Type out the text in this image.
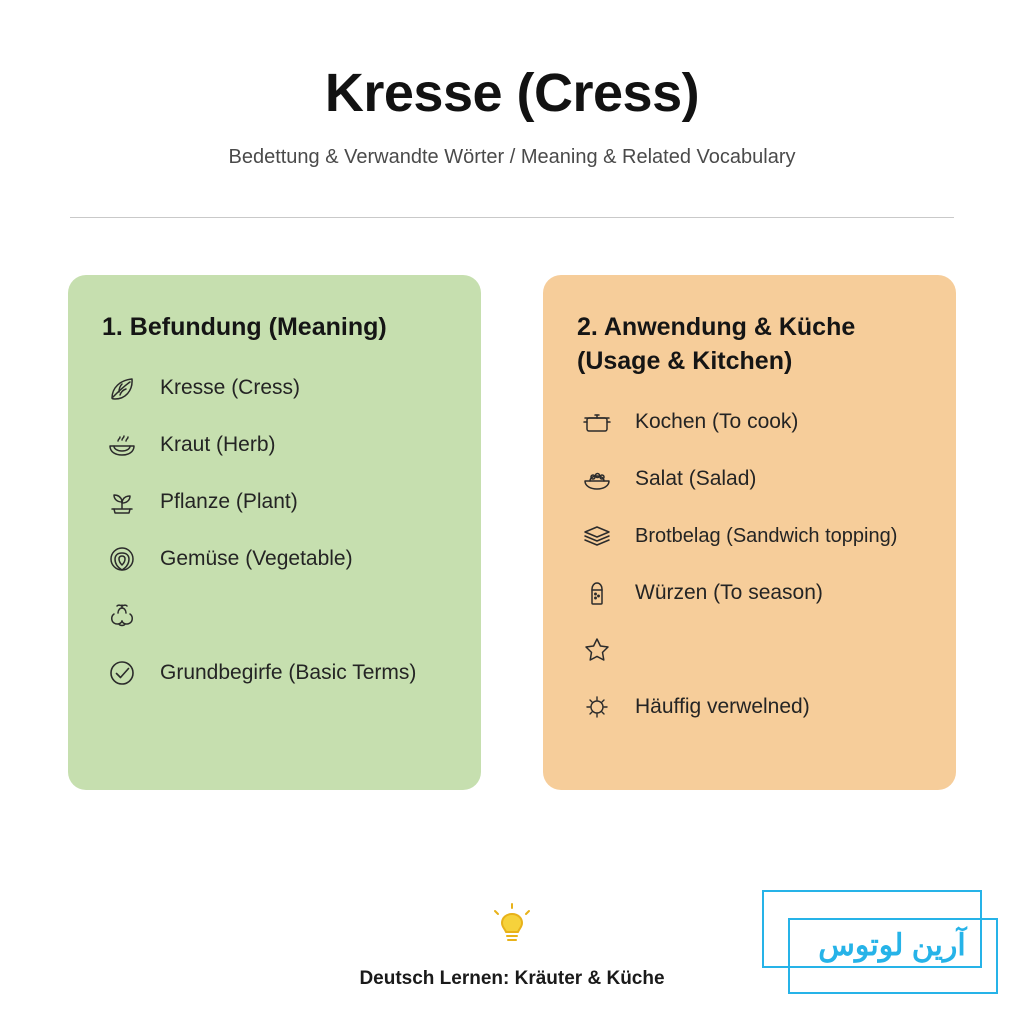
Kresse (Cress)
Bedettung & Verwandte Wörter / Meaning & Related Vocabulary
1. Befundung (Meaning)
Kresse (Cress)
Kraut (Herb)
Pflanze (Plant)
Gemüse (Vegetable)
Grundbegirfe (Basic Terms)
2. Anwendung & Küche (Usage & Kitchen)
Kochen (To cook)
Salat (Salad)
Brotbelag (Sandwich topping)
Würzen (To season)
Häuffig verwelned)
Deutsch Lernen: Kräuter & Küche
آرین لوتوس
